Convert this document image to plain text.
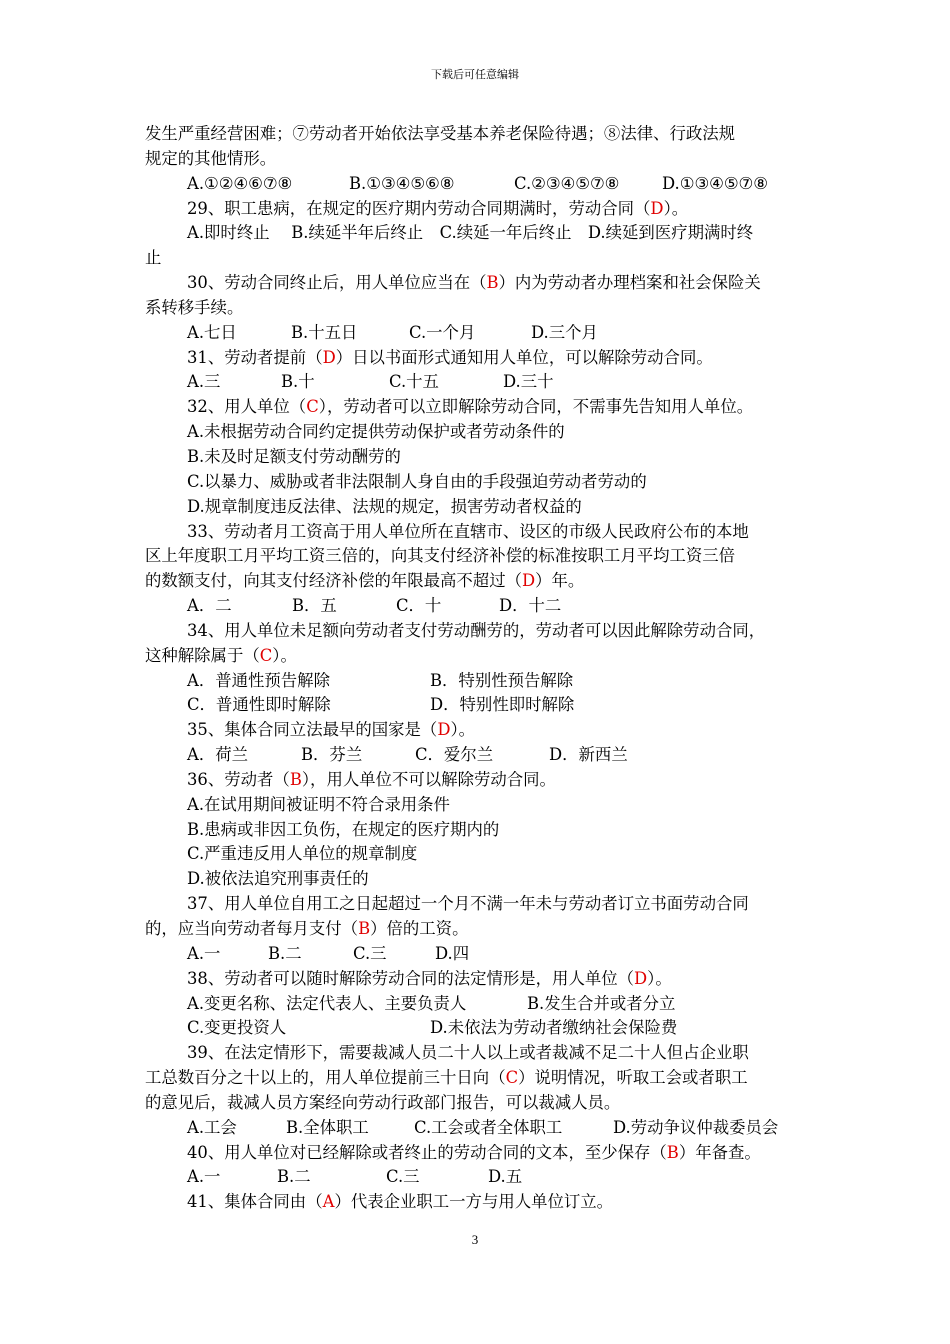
下载后可任意编辑
发生严重经营困难；⑦劳动者开始依法享受基本养老保险待遇；⑧法律、行政法规
规定的其他情形。
A.①②④⑥⑦⑧	B.①③④⑤⑥⑧	C.②③④⑤⑦⑧	D.①③④⑤⑦⑧
29、职工患病，在规定的医疗期内劳动合同期满时，劳动合同（D）。
A.即时终止　 B.续延半年后终止　C.续延一年后终止　D.续延到医疗期满时终
止
30、劳动合同终止后，用人单位应当在（B）内为劳动者办理档案和社会保险关
系转移手续。
A.七日	B.十五日	C.一个月	D.三个月
31、劳动者提前（D）日以书面形式通知用人单位，可以解除劳动合同。
A.三	B.十	C.十五	D.三十
32、用人单位（C），劳动者可以立即解除劳动合同，不需事先告知用人单位。
A.未根据劳动合同约定提供劳动保护或者劳动条件的
B.未及时足额支付劳动酬劳的
C.以暴力、威胁或者非法限制人身自由的手段强迫劳动者劳动的
D.规章制度违反法律、法规的规定，损害劳动者权益的
33、劳动者月工资高于用人单位所在直辖市、设区的市级人民政府公布的本地
区上年度职工月平均工资三倍的，向其支付经济补偿的标准按职工月平均工资三倍
的数额支付，向其支付经济补偿的年限最高不超过（D）年。
A．二	B．五	C．十	D．十二
34、用人单位未足额向劳动者支付劳动酬劳的，劳动者可以因此解除劳动合同，
这种解除属于（C）。
A．普通性预告解除	B．特别性预告解除
C．普通性即时解除	D．特别性即时解除
35、集体合同立法最早的国家是（D）。
A．荷兰	B．芬兰	C．爱尔兰	D．新西兰
36、劳动者（B），用人单位不可以解除劳动合同。
A.在试用期间被证明不符合录用条件
B.患病或非因工负伤，在规定的医疗期内的
C.严重违反用人单位的规章制度
D.被依法追究刑事责任的
37、用人单位自用工之日起超过一个月不满一年未与劳动者订立书面劳动合同
的，应当向劳动者每月支付（B）倍的工资。
A.一	B.二	C.三	D.四
38、劳动者可以随时解除劳动合同的法定情形是，用人单位（D）。
A.变更名称、法定代表人、主要负责人	B.发生合并或者分立
C.变更投资人	D.未依法为劳动者缴纳社会保险费
39、在法定情形下，需要裁减人员二十人以上或者裁减不足二十人但占企业职
工总数百分之十以上的，用人单位提前三十日向（C）说明情况，听取工会或者职工
的意见后，裁减人员方案经向劳动行政部门报告，可以裁减人员。
A.工会	B.全体职工	C.工会或者全体职工	D.劳动争议仲裁委员会
40、用人单位对已经解除或者终止的劳动合同的文本，至少保存（B）年备查。
A.一	B.二	C.三	D.五
41、集体合同由（A）代表企业职工一方与用人单位订立。
3
